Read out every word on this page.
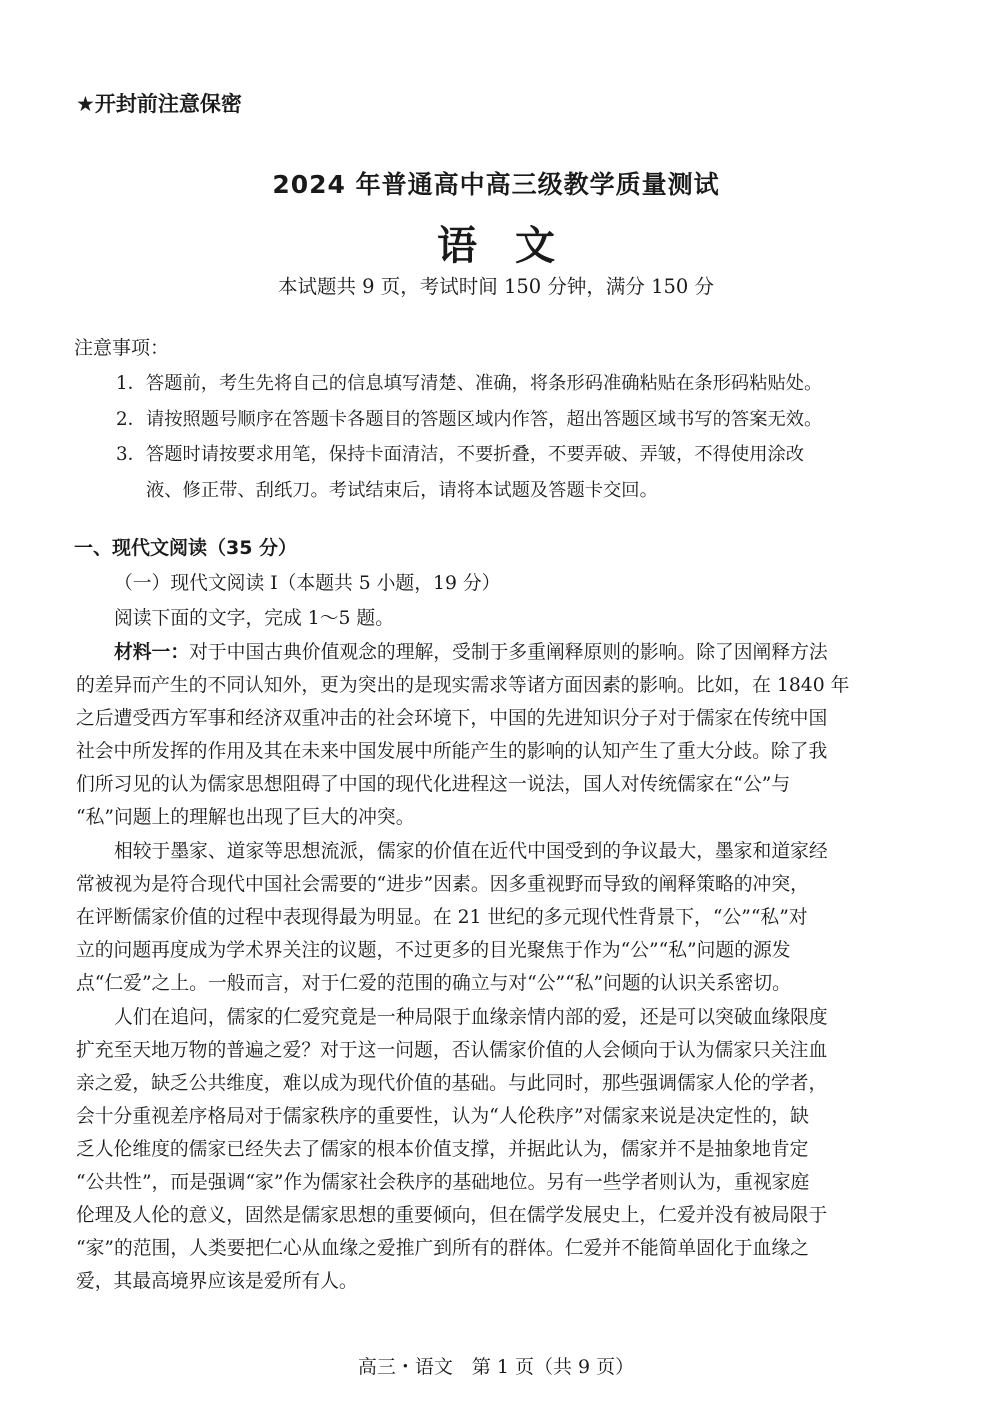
★开封前注意保密
2024 年普通高中高三级教学质量测试
语文
本试题共 9 页，考试时间 150 分钟，满分 150 分
注意事项：
1．答题前，考生先将自己的信息填写清楚、准确，将条形码准确粘贴在条形码粘贴处。
2．请按照题号顺序在答题卡各题目的答题区域内作答，超出答题区域书写的答案无效。
3．答题时请按要求用笔，保持卡面清洁，不要折叠，不要弄破、弄皱，不得使用涂改
液、修正带、刮纸刀。考试结束后，请将本试题及答题卡交回。
一、现代文阅读（35 分）
（一）现代文阅读 I（本题共 5 小题，19 分）
阅读下面的文字，完成 1～5 题。
材料一：对于中国古典价值观念的理解，受制于多重阐释原则的影响。除了因阐释方法
的差异而产生的不同认知外，更为突出的是现实需求等诸方面因素的影响。比如，在 1840 年
之后遭受西方军事和经济双重冲击的社会环境下，中国的先进知识分子对于儒家在传统中国
社会中所发挥的作用及其在未来中国发展中所能产生的影响的认知产生了重大分歧。除了我
们所习见的认为儒家思想阻碍了中国的现代化进程这一说法，国人对传统儒家在“公”与
“私”问题上的理解也出现了巨大的冲突。
相较于墨家、道家等思想流派，儒家的价值在近代中国受到的争议最大，墨家和道家经
常被视为是符合现代中国社会需要的“进步”因素。因多重视野而导致的阐释策略的冲突，
在评断儒家价值的过程中表现得最为明显。在 21 世纪的多元现代性背景下，“公”“私”对
立的问题再度成为学术界关注的议题，不过更多的目光聚焦于作为“公”“私”问题的源发
点“仁爱”之上。一般而言，对于仁爱的范围的确立与对“公”“私”问题的认识关系密切。
人们在追问，儒家的仁爱究竟是一种局限于血缘亲情内部的爱，还是可以突破血缘限度
扩充至天地万物的普遍之爱？对于这一问题，否认儒家价值的人会倾向于认为儒家只关注血
亲之爱，缺乏公共维度，难以成为现代价值的基础。与此同时，那些强调儒家人伦的学者，
会十分重视差序格局对于儒家秩序的重要性，认为“人伦秩序”对儒家来说是决定性的，缺
乏人伦维度的儒家已经失去了儒家的根本价值支撑，并据此认为，儒家并不是抽象地肯定
“公共性”，而是强调“家”作为儒家社会秩序的基础地位。另有一些学者则认为，重视家庭
伦理及人伦的意义，固然是儒家思想的重要倾向，但在儒学发展史上，仁爱并没有被局限于
“家”的范围，人类要把仁心从血缘之爱推广到所有的群体。仁爱并不能简单固化于血缘之
爱，其最高境界应该是爱所有人。
高三・语文　第 1 页（共 9 页）
